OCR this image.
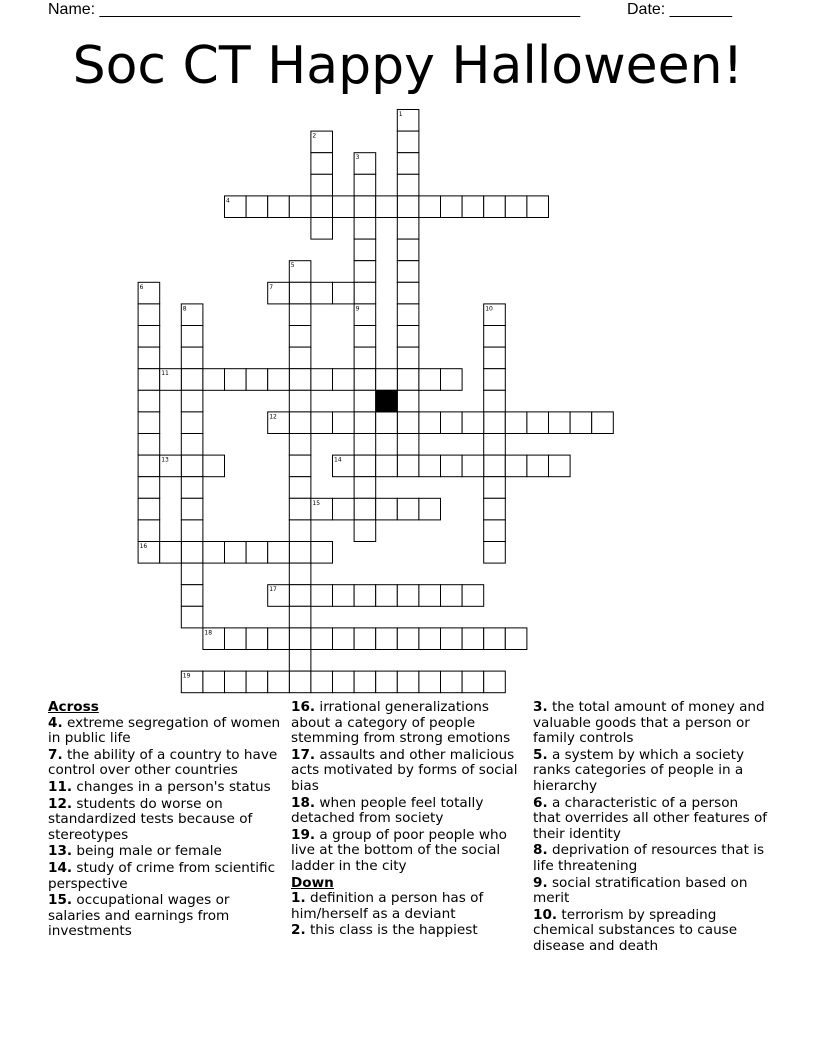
Name: ______________________________________________________	Date: _______
Soc CT Happy Halloween!
1
2
3
4
5
6	7
8	9	10
11
12
13	14
15
16
17
18
19

Across

4. extreme segregation of women in public life

7. the ability of a country to have control over other countries

11. changes in a person's status

12. students do worse on standardized tests because of stereotypes

13. being male or female

14. study of crime from scientific perspective

15. occupational wages or salaries and earnings from investments

16. irrational generalizations about a category of people stemming from strong emotions

17. assaults and other malicious acts motivated by forms of social bias

18. when people feel totally detached from society

19. a group of poor people who live at the bottom of the social ladder in the city

Down

1. definition a person has of him/herself as a deviant

2. this class is the happiest

3. the total amount of money and valuable goods that a person or family controls

5. a system by which a society ranks categories of people in a hierarchy

6. a characteristic of a person that overrides all other features of their identity

8. deprivation of resources that is life threatening

9. social stratification based on merit

10. terrorism by spreading chemical substances to cause disease and death
